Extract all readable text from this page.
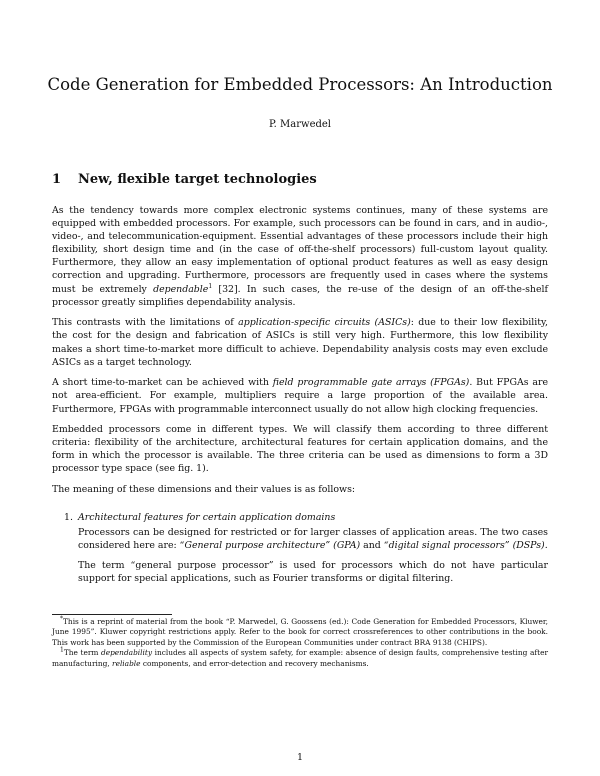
Code Generation for Embedded Processors: An Introduction
P. Marwedel
1 New, flexible target technologies

As the tendency towards more complex electronic systems continues, many of these systems are equipped with embedded processors. For example, such processors can be found in cars, and in audio-, video-, and telecommunication-equipment. Essential advantages of these processors include their high flexibility, short design time and (in the case of off-the-shelf processors) full-custom layout quality. Furthermore, they allow an easy implementation of optional product features as well as easy design correction and upgrading. Furthermore, processors are frequently used in cases where the systems must be extremely dependable$^1$ [32]. In such cases, the re-use of the design of an off-the-shelf processor greatly simplifies dependability analysis.

This contrasts with the limitations of application-specific circuits (ASICs): due to their low flexibility, the cost for the design and fabrication of ASICs is still very high. Furthermore, this low flexibility makes a short time-to-market more difficult to achieve. Dependability analysis costs may even exclude ASICs as a target technology.

A short time-to-market can be achieved with field programmable gate arrays (FPGAs). But FPGAs are not area-efficient. For example, multipliers require a large proportion of the available area. Furthermore, FPGAs with programmable interconnect usually do not allow high clocking frequencies.

Embedded processors come in different types. We will classify them according to three different criteria: flexibility of the architecture, architectural features for certain application domains, and the form in which the processor is available. The three criteria can be used as dimensions to form a 3D processor type space (see fig. 1).

The meaning of these dimensions and their values is as follows:

1. Architectural features for certain application domains

Processors can be designed for restricted or for larger classes of application areas. The two cases considered here are: “General purpose architecture” (GPA) and “digital signal processors” (DSPs).

The term “general purpose processor” is used for processors which do not have particular support for special applications, such as Fourier transforms or digital filtering.

*This is a reprint of material from the book “P. Marwedel, G. Goossens (ed.): Code Generation for Embedded Processors, Kluwer, June 1995”. Kluwer copyright restrictions apply. Refer to the book for correct crossreferences to other contributions in the book. This work has been supported by the Commission of the European Communities under contract BRA 9138 (CHIPS).

$^1$The term dependability includes all aspects of system safety, for example: absence of design faults, comprehensive testing after manufacturing, reliable components, and error-detection and recovery mechanisms.

1
